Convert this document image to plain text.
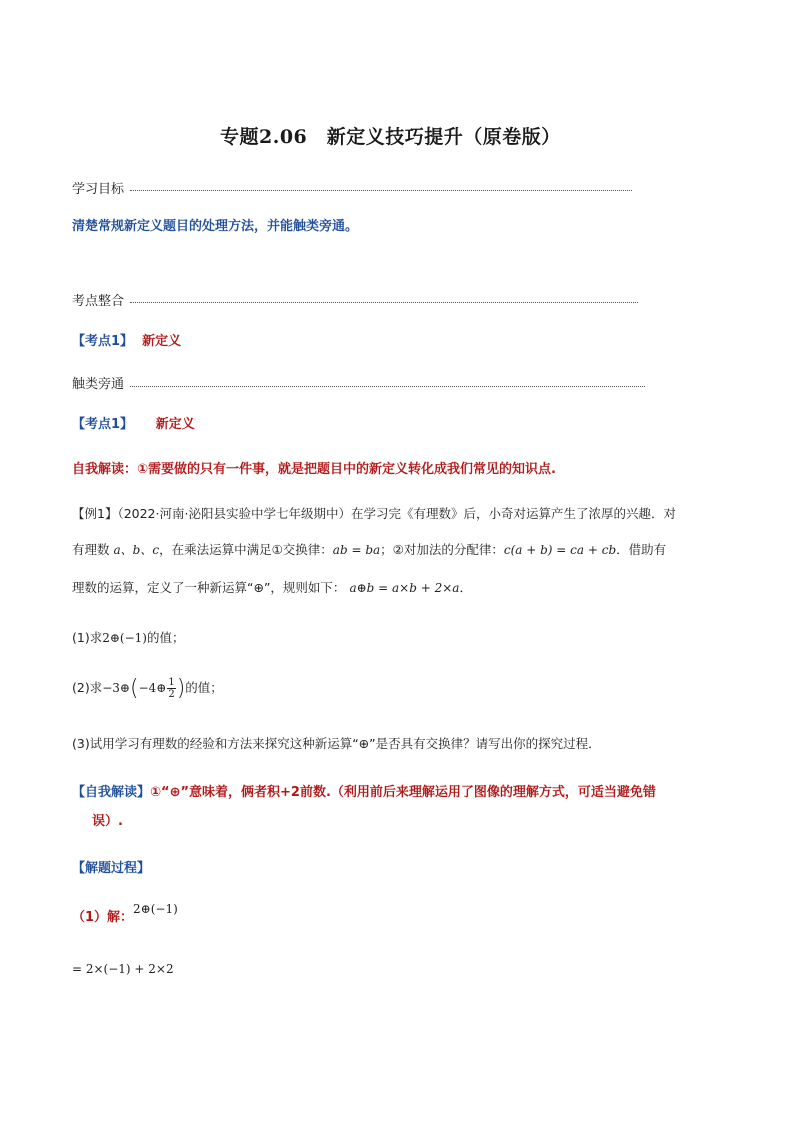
专题2.06　新定义技巧提升（原卷版）
学习目标
清楚常规新定义题目的处理方法，并能触类旁通。
考点整合
【考点1】 新定义
触类旁通
【考点1】 新定义
自我解读：①需要做的只有一件事，就是把题目中的新定义转化成我们常见的知识点.
【例1】（2022·河南·泌阳县实验中学七年级期中）在学习完《有理数》后，小奇对运算产生了浓厚的兴趣．对
有理数 a、b、c，在乘法运算中满足①交换律：ab = ba；②对加法的分配律：c(a + b) = ca + cb．借助有
理数的运算，定义了一种新运算“⊕”，规则如下： a⊕b = a×b + 2×a．
(1)求2⊕(−1)的值；
(2)求−3⊕(−4⊕ $\frac{1}{2}$ )的值；
(3)试用学习有理数的经验和方法来探究这种新运算“⊕”是否具有交换律？请写出你的探究过程．
【自我解读】①“⊕”意味着，俩者积+2前数.（利用前后来理解运用了图像的理解方式，可适当避免错
误）.
【解题过程】
（1）解：$^{2\oplus(-1)}$
= 2×(−1) + 2×2
